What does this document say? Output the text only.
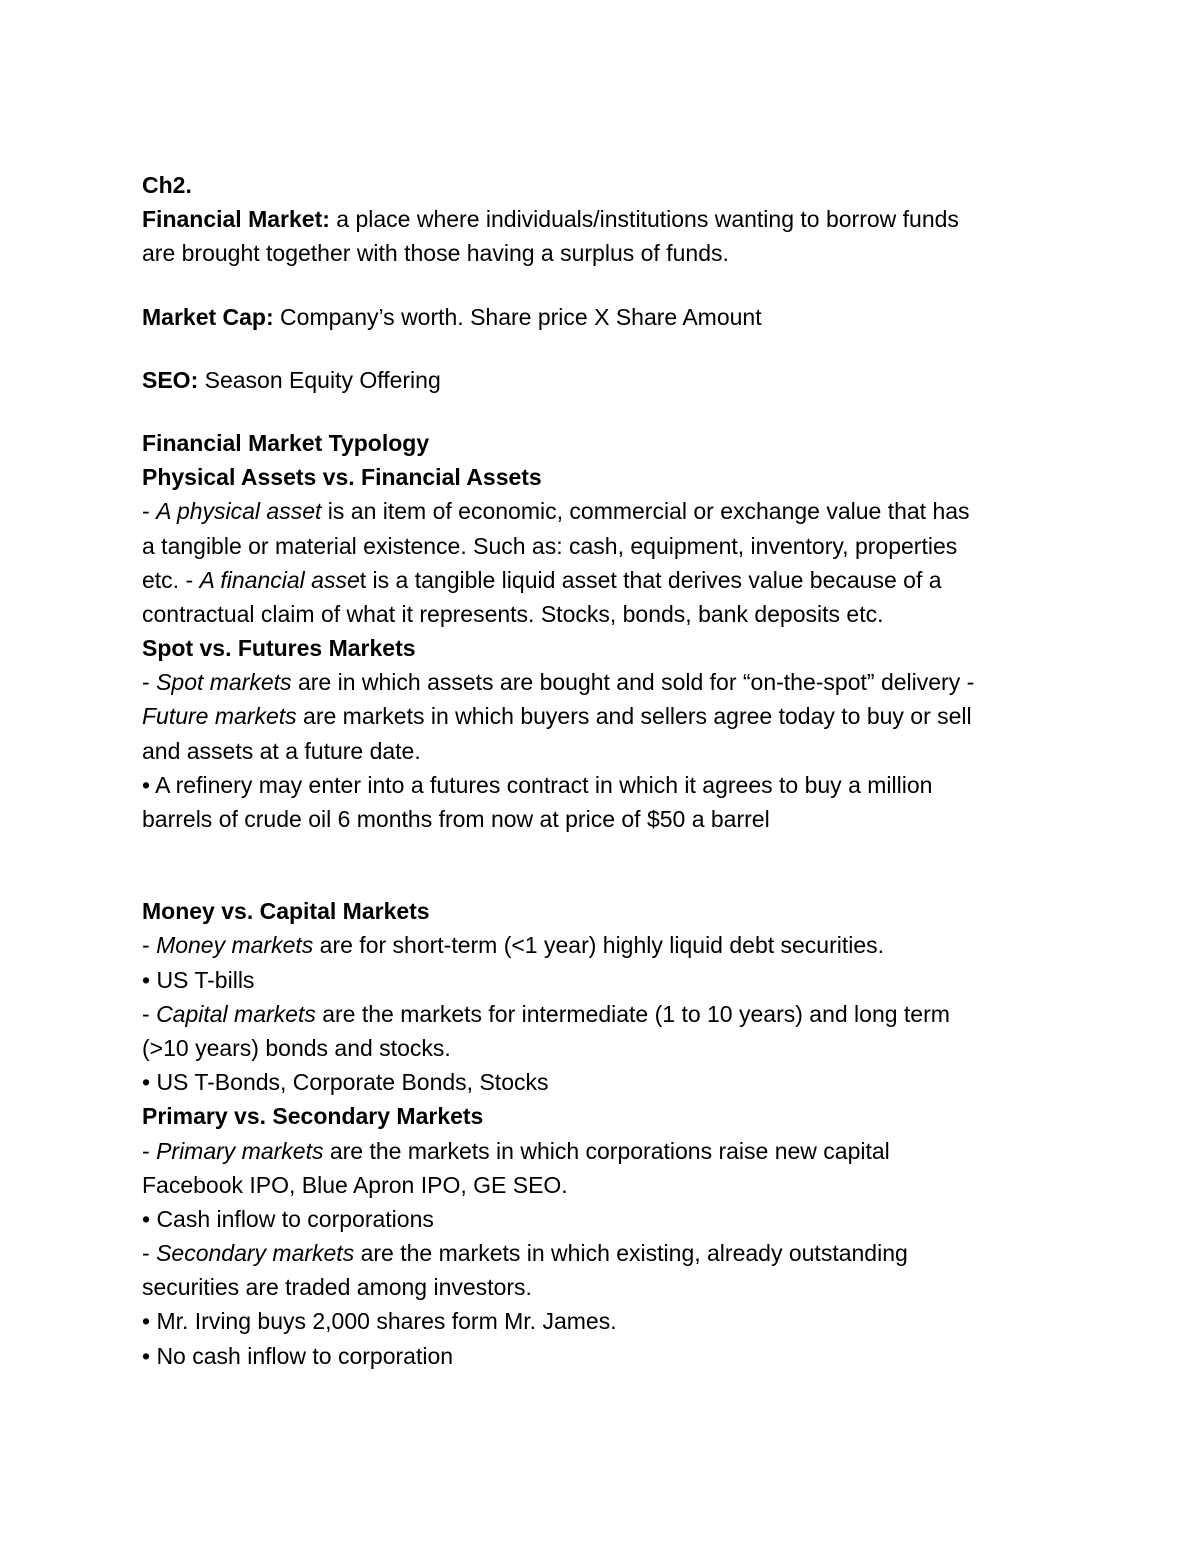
Ch2.
Financial Market: a place where individuals/institutions wanting to borrow funds
are brought together with those having a surplus of funds.
Market Cap: Company’s worth. Share price X Share Amount
SEO: Season Equity Offering
Financial Market Typology
Physical Assets vs. Financial Assets
- A physical asset is an item of economic, commercial or exchange value that has
a tangible or material existence. Such as: cash, equipment, inventory, properties
etc. - A financial asset is a tangible liquid asset that derives value because of a
contractual claim of what it represents. Stocks, bonds, bank deposits etc.
Spot vs. Futures Markets
- Spot markets are in which assets are bought and sold for “on-the-spot” delivery -
Future markets are markets in which buyers and sellers agree today to buy or sell
and assets at a future date.
• A refinery may enter into a futures contract in which it agrees to buy a million
barrels of crude oil 6 months from now at price of $50 a barrel
Money vs. Capital Markets
- Money markets are for short-term (<1 year) highly liquid debt securities.
• US T-bills
- Capital markets are the markets for intermediate (1 to 10 years) and long term
(>10 years) bonds and stocks.
• US T-Bonds, Corporate Bonds, Stocks
Primary vs. Secondary Markets
- Primary markets are the markets in which corporations raise new capital
Facebook IPO, Blue Apron IPO, GE SEO.
• Cash inflow to corporations
- Secondary markets are the markets in which existing, already outstanding
securities are traded among investors.
• Mr. Irving buys 2,000 shares form Mr. James.
• No cash inflow to corporation
